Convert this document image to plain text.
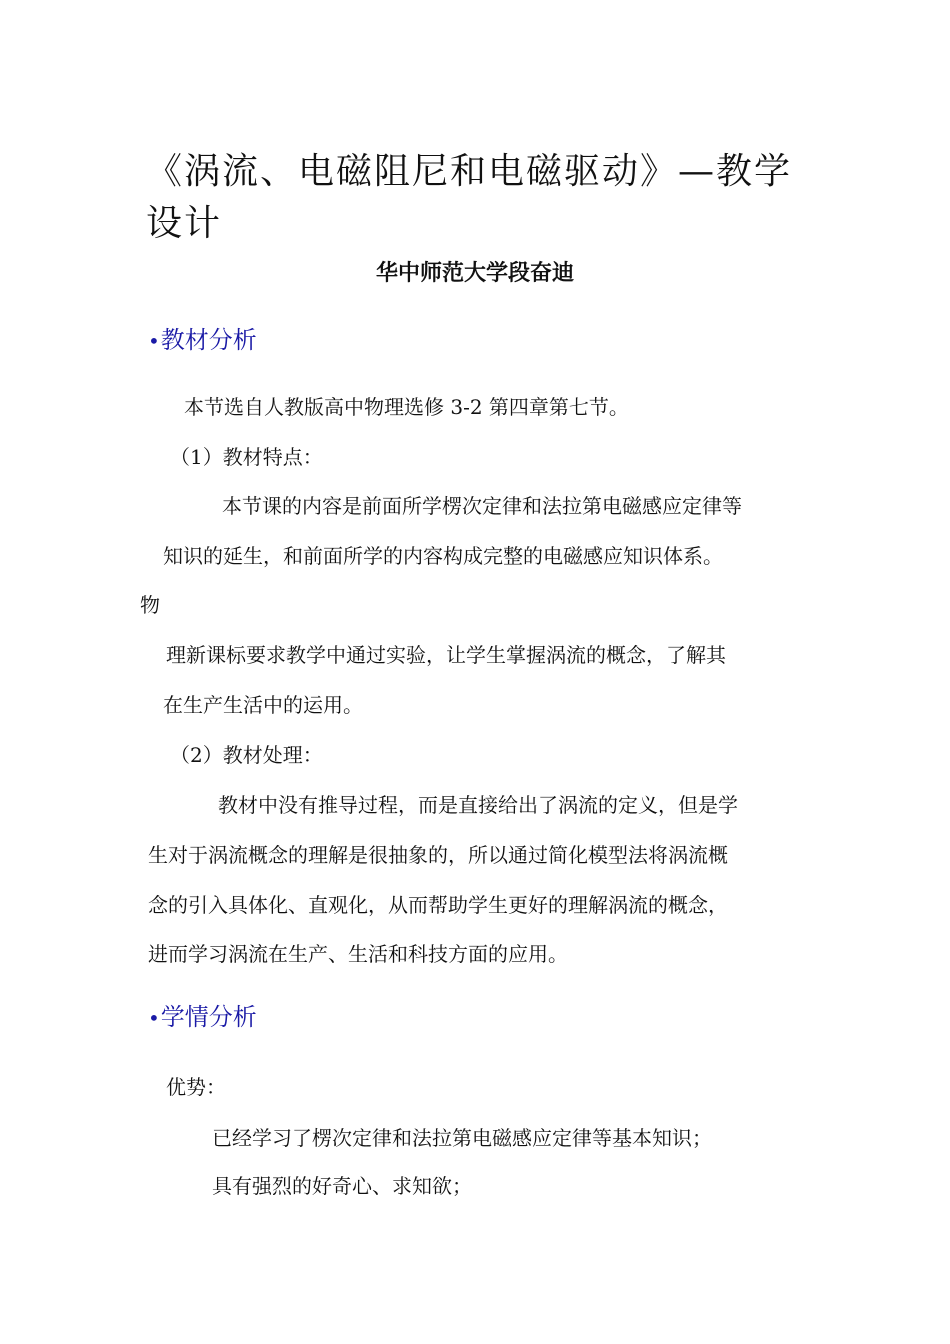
《涡流、电磁阻尼和电磁驱动》—教学设计
华中师范大学段奋迪
•教材分析
本节选自人教版高中物理选修 3-2 第四章第七节。
（1）教材特点：
本节课的内容是前面所学楞次定律和法拉第电磁感应定律等
知识的延生，和前面所学的内容构成完整的电磁感应知识体系。
物
理新课标要求教学中通过实验，让学生掌握涡流的概念，了解其
在生产生活中的运用。
（2）教材处理：
教材中没有推导过程，而是直接给出了涡流的定义，但是学
生对于涡流概念的理解是很抽象的，所以通过简化模型法将涡流概
念的引入具体化、直观化，从而帮助学生更好的理解涡流的概念，
进而学习涡流在生产、生活和科技方面的应用。
•学情分析
优势：
已经学习了楞次定律和法拉第电磁感应定律等基本知识；
具有强烈的好奇心、求知欲；
